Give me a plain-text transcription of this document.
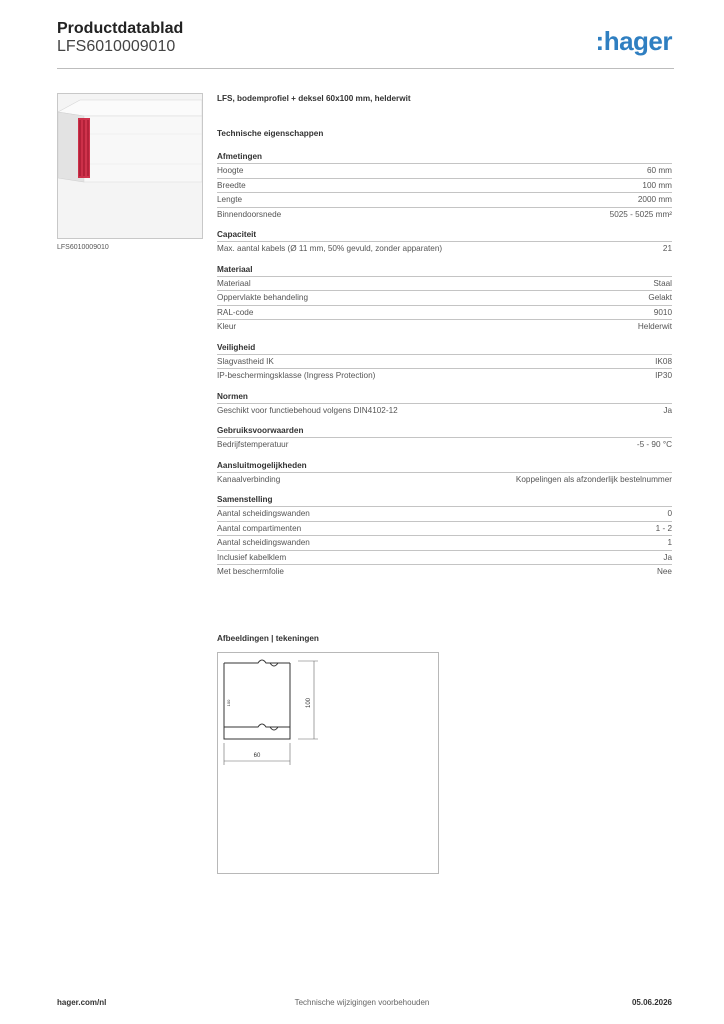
Productdatablad
LFS6010009010	:hager
LFS6010009010
LFS, bodemprofiel + deksel 60x100 mm, helderwit
Technische eigenschappen
Afmetingen
Hoogte	60 mm
Breedte	100 mm
Lengte	2000 mm
Binnendoorsnede	5025 - 5025 mm²
Capaciteit
Max. aantal kabels (Ø 11 mm, 50% gevuld, zonder apparaten)	21
Materiaal
Materiaal	Staal
Oppervlakte behandeling	Gelakt
RAL-code	9010
Kleur	Helderwit
Veiligheid
Slagvastheid IK	IK08
IP-beschermingsklasse (Ingress Protection)	IP30
Normen
Geschikt voor functiebehoud volgens DIN4102-12	Ja
Gebruiksvoorwaarden
Bedrijfstemperatuur	-5 - 90 °C
Aansluitmogelijkheden
Kanaalverbinding	Koppelingen als afzonderlijk bestelnummer
Samenstelling
Aantal scheidingswanden	0
Aantal compartimenten	1 - 2
Aantal scheidingswanden	1
Inclusief kabelklem	Ja
Met beschermfolie	Nee
Afbeeldingen | tekeningen
100
100
60
hager.com/nl	Technische wijzigingen voorbehouden	05.06.2026
